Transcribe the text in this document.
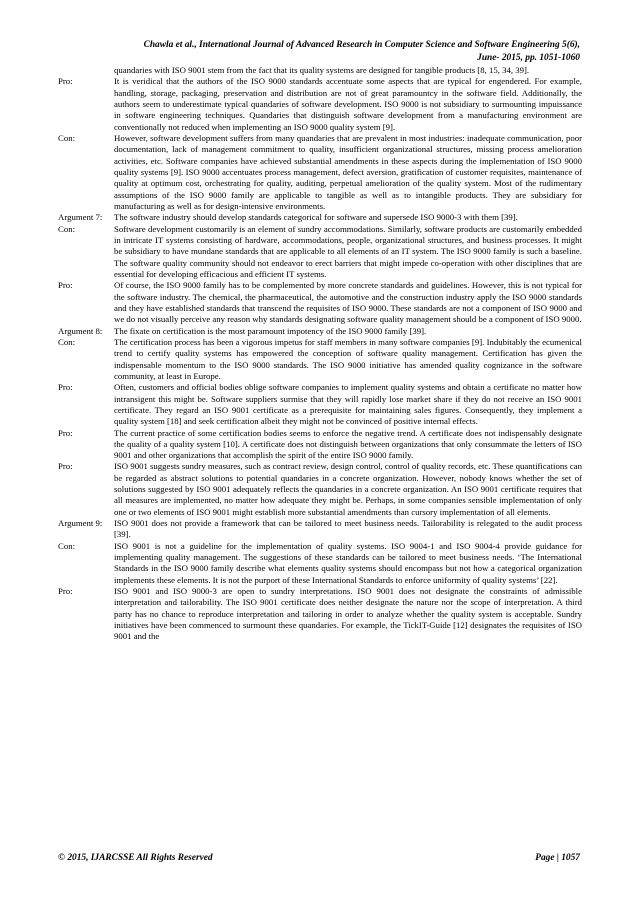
Chawla et al., International Journal of Advanced Research in Computer Science and Software Engineering 5(6),
June- 2015, pp. 1051-1060
quandaries with ISO 9001 stem from the fact that its quality systems are designed for tangible products [8, 15, 34, 39].
Pro:	It is veridical that the authors of the ISO 9000 standards accentuate some aspects that are typical for engendered. For example, handling, storage, packaging, preservation and distribution are not of great paramountcy in the software field. Additionally, the authors seem to underestimate typical quandaries of software development. ISO 9000 is not subsidiary to surmounting impuissance in software engineering techniques. Quandaries that distinguish software development from a manufacturing environment are conventionally not reduced when implementing an ISO 9000 quality system [9].
Con:	However, software development suffers from many quandaries that are prevalent in most industries: inadequate communication, poor documentation, lack of management commitment to quality, insufficient organizational structures, missing process amelioration activities, etc. Software companies have achieved substantial amendments in these aspects during the implementation of ISO 9000 quality systems [9]. ISO 9000 accentuates process management, defect aversion, gratification of customer requisites, maintenance of quality at optimum cost, orchestrating for quality, auditing, perpetual amelioration of the quality system. Most of the rudimentary assumptions of the ISO 9000 family are applicable to tangible as well as to intangible products. They are subsidiary for manufacturing as well as for design-intensive environments.
Argument 7:	The software industry should develop standards categorical for software and supersede ISO 9000-3 with them [39].
Con:	Software development customarily is an element of sundry accommodations. Similarly, software products are customarily embedded in intricate IT systems consisting of hardware, accommodations, people, organizational structures, and business processes. It might be subsidiary to have mundane standards that are applicable to all elements of an IT system. The ISO 9000 family is such a baseline. The software quality community should not endeavor to erect barriers that might impede co-operation with other disciplines that are essential for developing efficacious and efficient IT systems.
Pro:	Of course, the ISO 9000 family has to be complemented by more concrete standards and guidelines. However, this is not typical for the software industry. The chemical, the pharmaceutical, the automotive and the construction industry apply the ISO 9000 standards and they have established standards that transcend the requisites of ISO 9000. These standards are not a component of ISO 9000 and we do not visually perceive any reason why standards designating software quality management should be a component of ISO 9000.
Argument 8:	The fixate on certification is the most paramount impotency of the ISO 9000 family [39].
Con:	The certification process has been a vigorous impetus for staff members in many software companies [9]. Indubitably the ecumenical trend to certify quality systems has empowered the conception of software quality management. Certification has given the indispensable momentum to the ISO 9000 standards. The ISO 9000 initiative has amended quality cognizance in the software community, at least in Europe.
Pro:	Often, customers and official bodies oblige software companies to implement quality systems and obtain a certificate no matter how intransigent this might be. Software suppliers surmise that they will rapidly lose market share if they do not receive an ISO 9001 certificate. They regard an ISO 9001 certificate as a prerequisite for maintaining sales figures. Consequently, they implement a quality system [18] and seek certification albeit they might not be convinced of positive internal effects.
Pro:	The current practice of some certification bodies seems to enforce the negative trend. A certificate does not indispensably designate the quality of a quality system [10]. A certificate does not distinguish between organizations that only consummate the letters of ISO 9001 and other organizations that accomplish the spirit of the entire ISO 9000 family.
Pro:	ISO 9001 suggests sundry measures, such as contract review, design control, control of quality records, etc. These quantifications can be regarded as abstract solutions to potential quandaries in a concrete organization. However, nobody knows whether the set of solutions suggested by ISO 9001 adequately reflects the quandaries in a concrete organization. An ISO 9001 certificate requires that all measures are implemented, no matter how adequate they might be. Perhaps, in some companies sensible implementation of only one or two elements of ISO 9001 might establish more substantial amendments than cursory implementation of all elements.
Argument 9:	ISO 9001 does not provide a framework that can be tailored to meet business needs. Tailorability is relegated to the audit process [39].
Con:	ISO 9001 is not a guideline for the implementation of quality systems. ISO 9004-1 and ISO 9004-4 provide guidance for implementing quality management. The suggestions of these standards can be tailored to meet business needs. ‘The International Standards in the ISO 9000 family describe what elements quality systems should encompass but not how a categorical organization implements these elements. It is not the purport of these International Standards to enforce uniformity of quality systems’ [22].
Pro:	ISO 9001 and ISO 9000-3 are open to sundry interpretations. ISO 9001 does not designate the constraints of admissible interpretation and tailorability. The ISO 9001 certificate does neither designate the nature nor the scope of interpretation. A third party has no chance to reproduce interpretation and tailoring in order to analyze whether the quality system is acceptable. Sundry initiatives have been commenced to surmount these quandaries. For example, the TickIT-Guide [12] designates the requisites of ISO 9001 and the
© 2015, IJARCSSE All Rights Reserved	Page | 1057
